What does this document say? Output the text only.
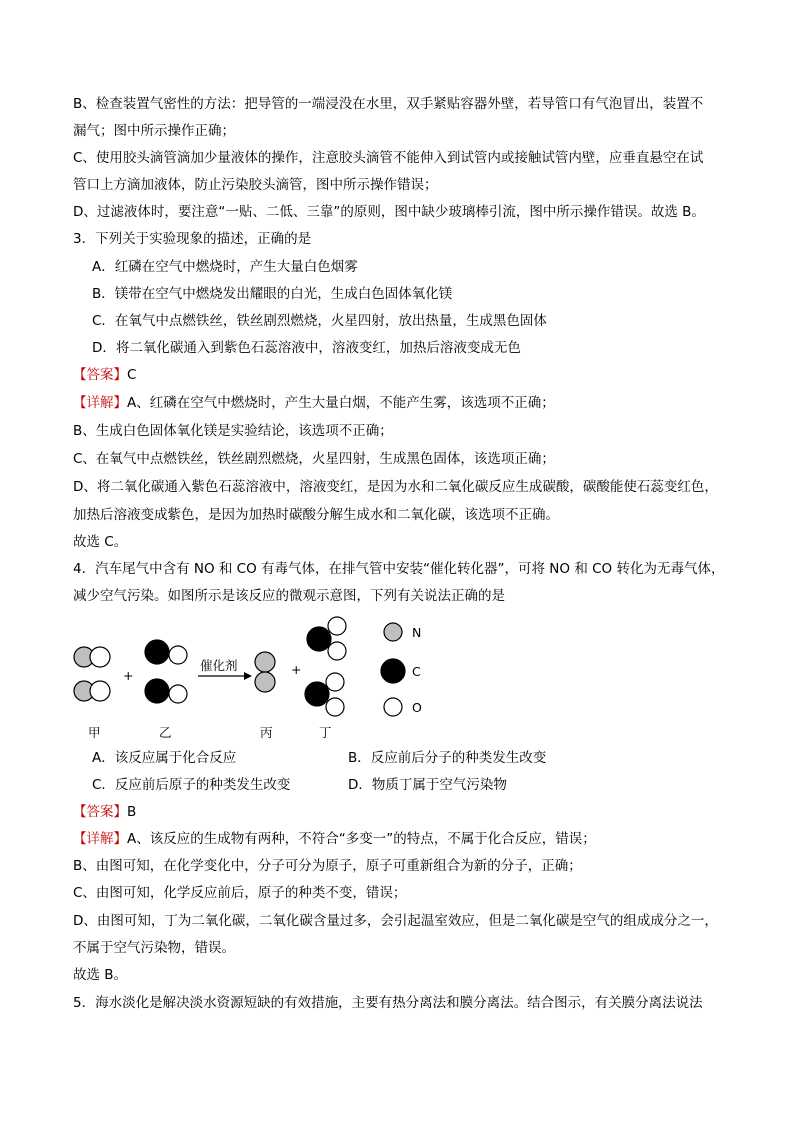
B、检查装置气密性的方法：把导管的一端浸没在水里，双手紧贴容器外壁，若导管口有气泡冒出，装置不
漏气；图中所示操作正确；
C、使用胶头滴管滴加少量液体的操作，注意胶头滴管不能伸入到试管内或接触试管内壁，应垂直悬空在试
管口上方滴加液体，防止污染胶头滴管，图中所示操作错误；
D、过滤液体时，要注意“一贴、二低、三靠”的原则，图中缺少玻璃棒引流，图中所示操作错误。故选 B。
3．下列关于实验现象的描述，正确的是
A．红磷在空气中燃烧时，产生大量白色烟雾
B．镁带在空气中燃烧发出耀眼的白光，生成白色固体氧化镁
C．在氧气中点燃铁丝，铁丝剧烈燃烧，火星四射，放出热量，生成黑色固体
D．将二氧化碳通入到紫色石蕊溶液中，溶液变红，加热后溶液变成无色
【答案】C
【详解】A、红磷在空气中燃烧时，产生大量白烟，不能产生雾，该选项不正确；
B、生成白色固体氧化镁是实验结论，该选项不正确；
C、在氧气中点燃铁丝，铁丝剧烈燃烧，火星四射，生成黑色固体，该选项正确；
D、将二氧化碳通入紫色石蕊溶液中，溶液变红，是因为水和二氧化碳反应生成碳酸，碳酸能使石蕊变红色，
加热后溶液变成紫色，是因为加热时碳酸分解生成水和二氧化碳，该选项不正确。
故选 C。
4．汽车尾气中含有 NO 和 CO 有毒气体，在排气管中安装“催化转化器”，可将 NO 和 CO 转化为无毒气体，
减少空气污染。如图所示是该反应的微观示意图，下列有关说法正确的是
+
催化剂	+
甲	乙	丙	丁
N
C
O
A．该反应属于化合反应	B．反应前后分子的种类发生改变
C．反应前后原子的种类发生改变	D．物质丁属于空气污染物
【答案】B
【详解】A、该反应的生成物有两种，不符合“多变一”的特点，不属于化合反应，错误；
B、由图可知，在化学变化中，分子可分为原子，原子可重新组合为新的分子，正确；
C、由图可知，化学反应前后，原子的种类不变，错误；
D、由图可知，丁为二氧化碳，二氧化碳含量过多，会引起温室效应，但是二氧化碳是空气的组成成分之一，
不属于空气污染物，错误。
故选 B。
5．海水淡化是解决淡水资源短缺的有效措施，主要有热分离法和膜分离法。结合图示，有关膜分离法说法
